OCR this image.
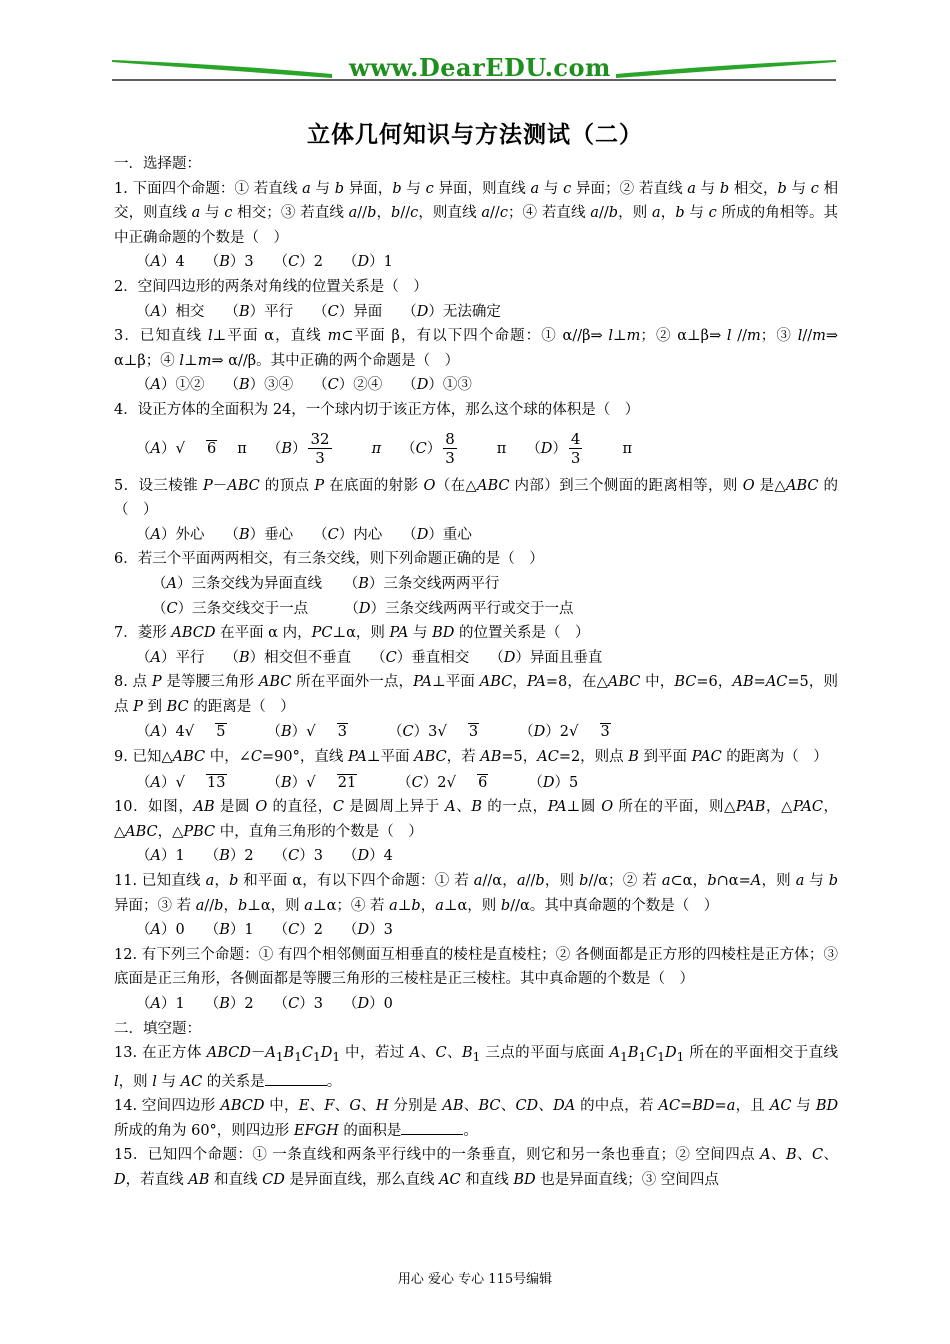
www.DearEDU.com
立体几何知识与方法测试（二）

一．选择题：

1. 下面四个命题：① 若直线 a 与 b 异面，b 与 c 异面，则直线 a 与 c 异面；② 若直线 a 与 b 相交，b 与 c 相交，则直线 a 与 c 相交；③ 若直线 a//b，b//c，则直线 a//c；④ 若直线 a//b，则 a，b 与 c 所成的角相等。其中正确命题的个数是（　）

（A）4 （B）3 （C）2 （D）1

2．空间四边形的两条对角线的位置关系是（　）

（A）相交 （B）平行 （C）异面 （D）无法确定

3．已知直线 l⊥平面 α，直线 m⊂平面 β，有以下四个命题：① α//β⇒ l⊥m；② α⊥β⇒ l //m；③ l//m⇒ α⊥β；④ l⊥m⇒ α//β。其中正确的两个命题是（　）

（A）①② （B）③④ （C）②④ （D）①③

4．设正方体的全面积为 24，一个球内切于该正方体，那么这个球的体积是（　）

（A）√ 6 π $(B) \frac{32}{3}$ π $(C) \frac{8}{3}$ π $(D) \frac{4}{3}$ π

5．设三棱锥 P－ABC 的顶点 P 在底面的射影 O（在△ABC 内部）到三个侧面的距离相等，则 O 是△ABC 的（　）

（A）外心 （B）垂心 （C）内心 （D）重心

6．若三个平面两两相交，有三条交线，则下列命题正确的是（　）

（A）三条交线为异面直线　　（B）三条交线两两平行

（C）三条交线交于一点　　　（D）三条交线两两平行或交于一点

7．菱形 ABCD 在平面 α 内，PC⊥α，则 PA 与 BD 的位置关系是（　）

（A）平行 （B）相交但不垂直 （C）垂直相交 （D）异面且垂直

8. 点 P 是等腰三角形 ABC 所在平面外一点，PA⊥平面 ABC，PA=8，在△ABC 中，BC=6，AB=AC=5，则点 P 到 BC 的距离是（　）

（A）4√ 5	（B）√ 3	（C）3√ 3	（D）2√ 3

9. 已知△ABC 中，∠C=90°，直线 PA⊥平面 ABC，若 AB=5，AC=2，则点 B 到平面 PAC 的距离为（　）

（A）√ 13	（B）√ 21	（C）2√ 6	（D）5

10．如图，AB 是圆 O 的直径，C 是圆周上异于 A、B 的一点，PA⊥圆 O 所在的平面，则△PAB，△PAC，△ABC，△PBC 中，直角三角形的个数是（　）

（A）1 （B）2 （C）3 （D）4

11. 已知直线 a，b 和平面 α，有以下四个命题：① 若 a//α，a//b，则 b//α；② 若 a⊂α，b∩α=A，则 a 与 b 异面；③ 若 a//b，b⊥α，则 a⊥α；④ 若 a⊥b，a⊥α，则 b//α。其中真命题的个数是（　）

（A）0 （B）1 （C）2 （D）3

12. 有下列三个命题：① 有四个相邻侧面互相垂直的棱柱是直棱柱；② 各侧面都是正方形的四棱柱是正方体；③ 底面是正三角形，各侧面都是等腰三角形的三棱柱是正三棱柱。其中真命题的个数是（　）

（A）1 （B）2 （C）3 （D）0

二．填空题：

13. 在正方体 $ABCD-A_1B_1C_1D_1$ 中，若过 A、C、$B_1$ 三点的平面与底面 $A_1B_1C_1D_1$ 所在的平面相交于直线 l，则 l 与 AC 的关系是	。

14. 空间四边形 ABCD 中，E、F、G、H 分别是 AB、BC、CD、DA 的中点，若 AC=BD=a，且 AC 与 BD 所成的角为 60°，则四边形 EFGH 的面积是	。

15．已知四个命题：① 一条直线和两条平行线中的一条垂直，则它和另一条也垂直；② 空间四点 A、B、C、D，若直线 AB 和直线 CD 是异面直线，那么直线 AC 和直线 BD 也是异面直线；③ 空间四点

用心 爱心 专心 115号编辑
